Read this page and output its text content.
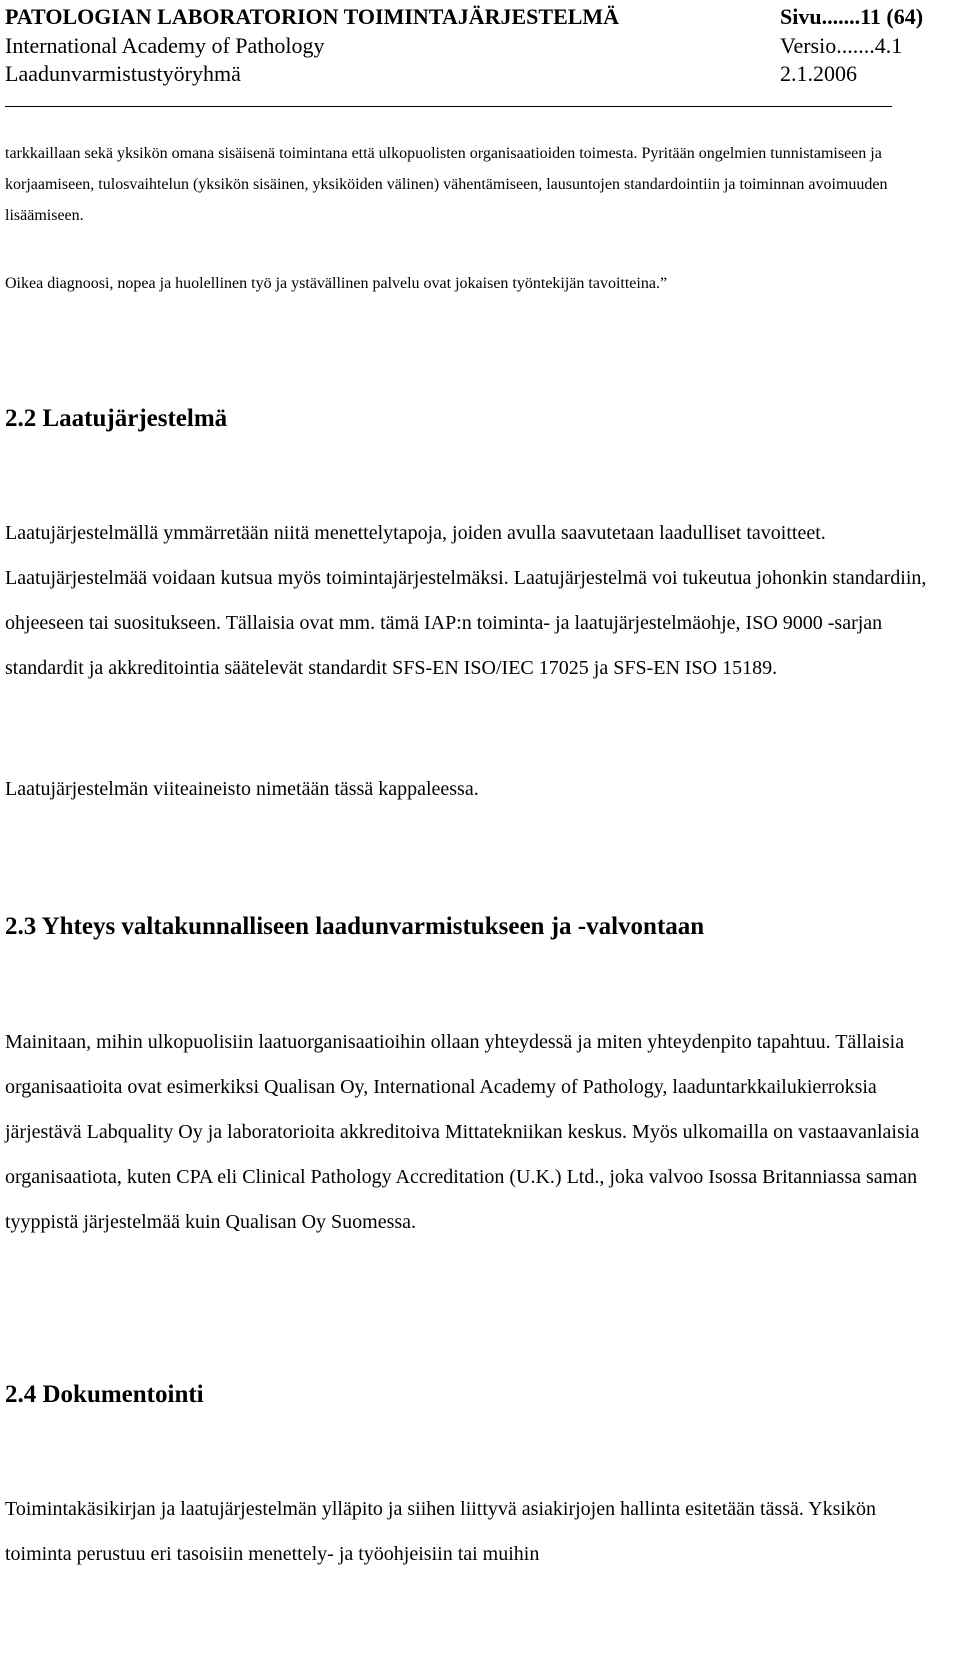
PATOLOGIAN LABORATORION TOIMINTAJÄRJESTELMÄ	Sivu.......11 (64)
International Academy of Pathology	Versio.......4.1
Laadunvarmistustyöryhmä	2.1.2006

tarkkaillaan sekä yksikön omana sisäisenä toimintana että ulkopuolisten organisaatioiden toimesta. Pyritään ongelmien tunnistamiseen ja korjaamiseen, tulosvaihtelun (yksikön sisäinen, yksiköiden välinen) vähentämiseen, lausuntojen standardointiin ja toiminnan avoimuuden lisäämiseen.

Oikea diagnoosi, nopea ja huolellinen työ ja ystävällinen palvelu ovat jokaisen työntekijän tavoitteina.”

2.2 Laatujärjestelmä

Laatujärjestelmällä ymmärretään niitä menettelytapoja, joiden avulla saavutetaan laadulliset tavoitteet. Laatujärjestelmää voidaan kutsua myös toimintajärjestelmäksi. Laatujärjestelmä voi tukeutua johonkin standardiin, ohjeeseen tai suositukseen. Tällaisia ovat mm. tämä IAP:n toiminta- ja laatujärjestelmäohje, ISO 9000 -sarjan standardit ja akkreditointia säätelevät standardit SFS-EN ISO/IEC 17025 ja SFS-EN ISO 15189.

Laatujärjestelmän viiteaineisto nimetään tässä kappaleessa.

2.3 Yhteys valtakunnalliseen laadunvarmistukseen ja -valvontaan

Mainitaan, mihin ulkopuolisiin laatuorganisaatioihin ollaan yhteydessä ja miten yhteydenpito tapahtuu. Tällaisia organisaatioita ovat esimerkiksi Qualisan Oy, International Academy of Pathology, laaduntarkkailukierroksia järjestävä Labquality Oy ja laboratorioita akkreditoiva Mittatekniikan keskus. Myös ulkomailla on vastaavanlaisia organisaatiota, kuten CPA eli Clinical Pathology Accreditation (U.K.) Ltd., joka valvoo Isossa Britanniassa saman tyyppistä järjestelmää kuin Qualisan Oy Suomessa.

2.4 Dokumentointi

Toimintakäsikirjan ja laatujärjestelmän ylläpito ja siihen liittyvä asiakirjojen hallinta esitetään tässä. Yksikön toiminta perustuu eri tasoisiin menettely- ja työohjeisiin tai muihin
